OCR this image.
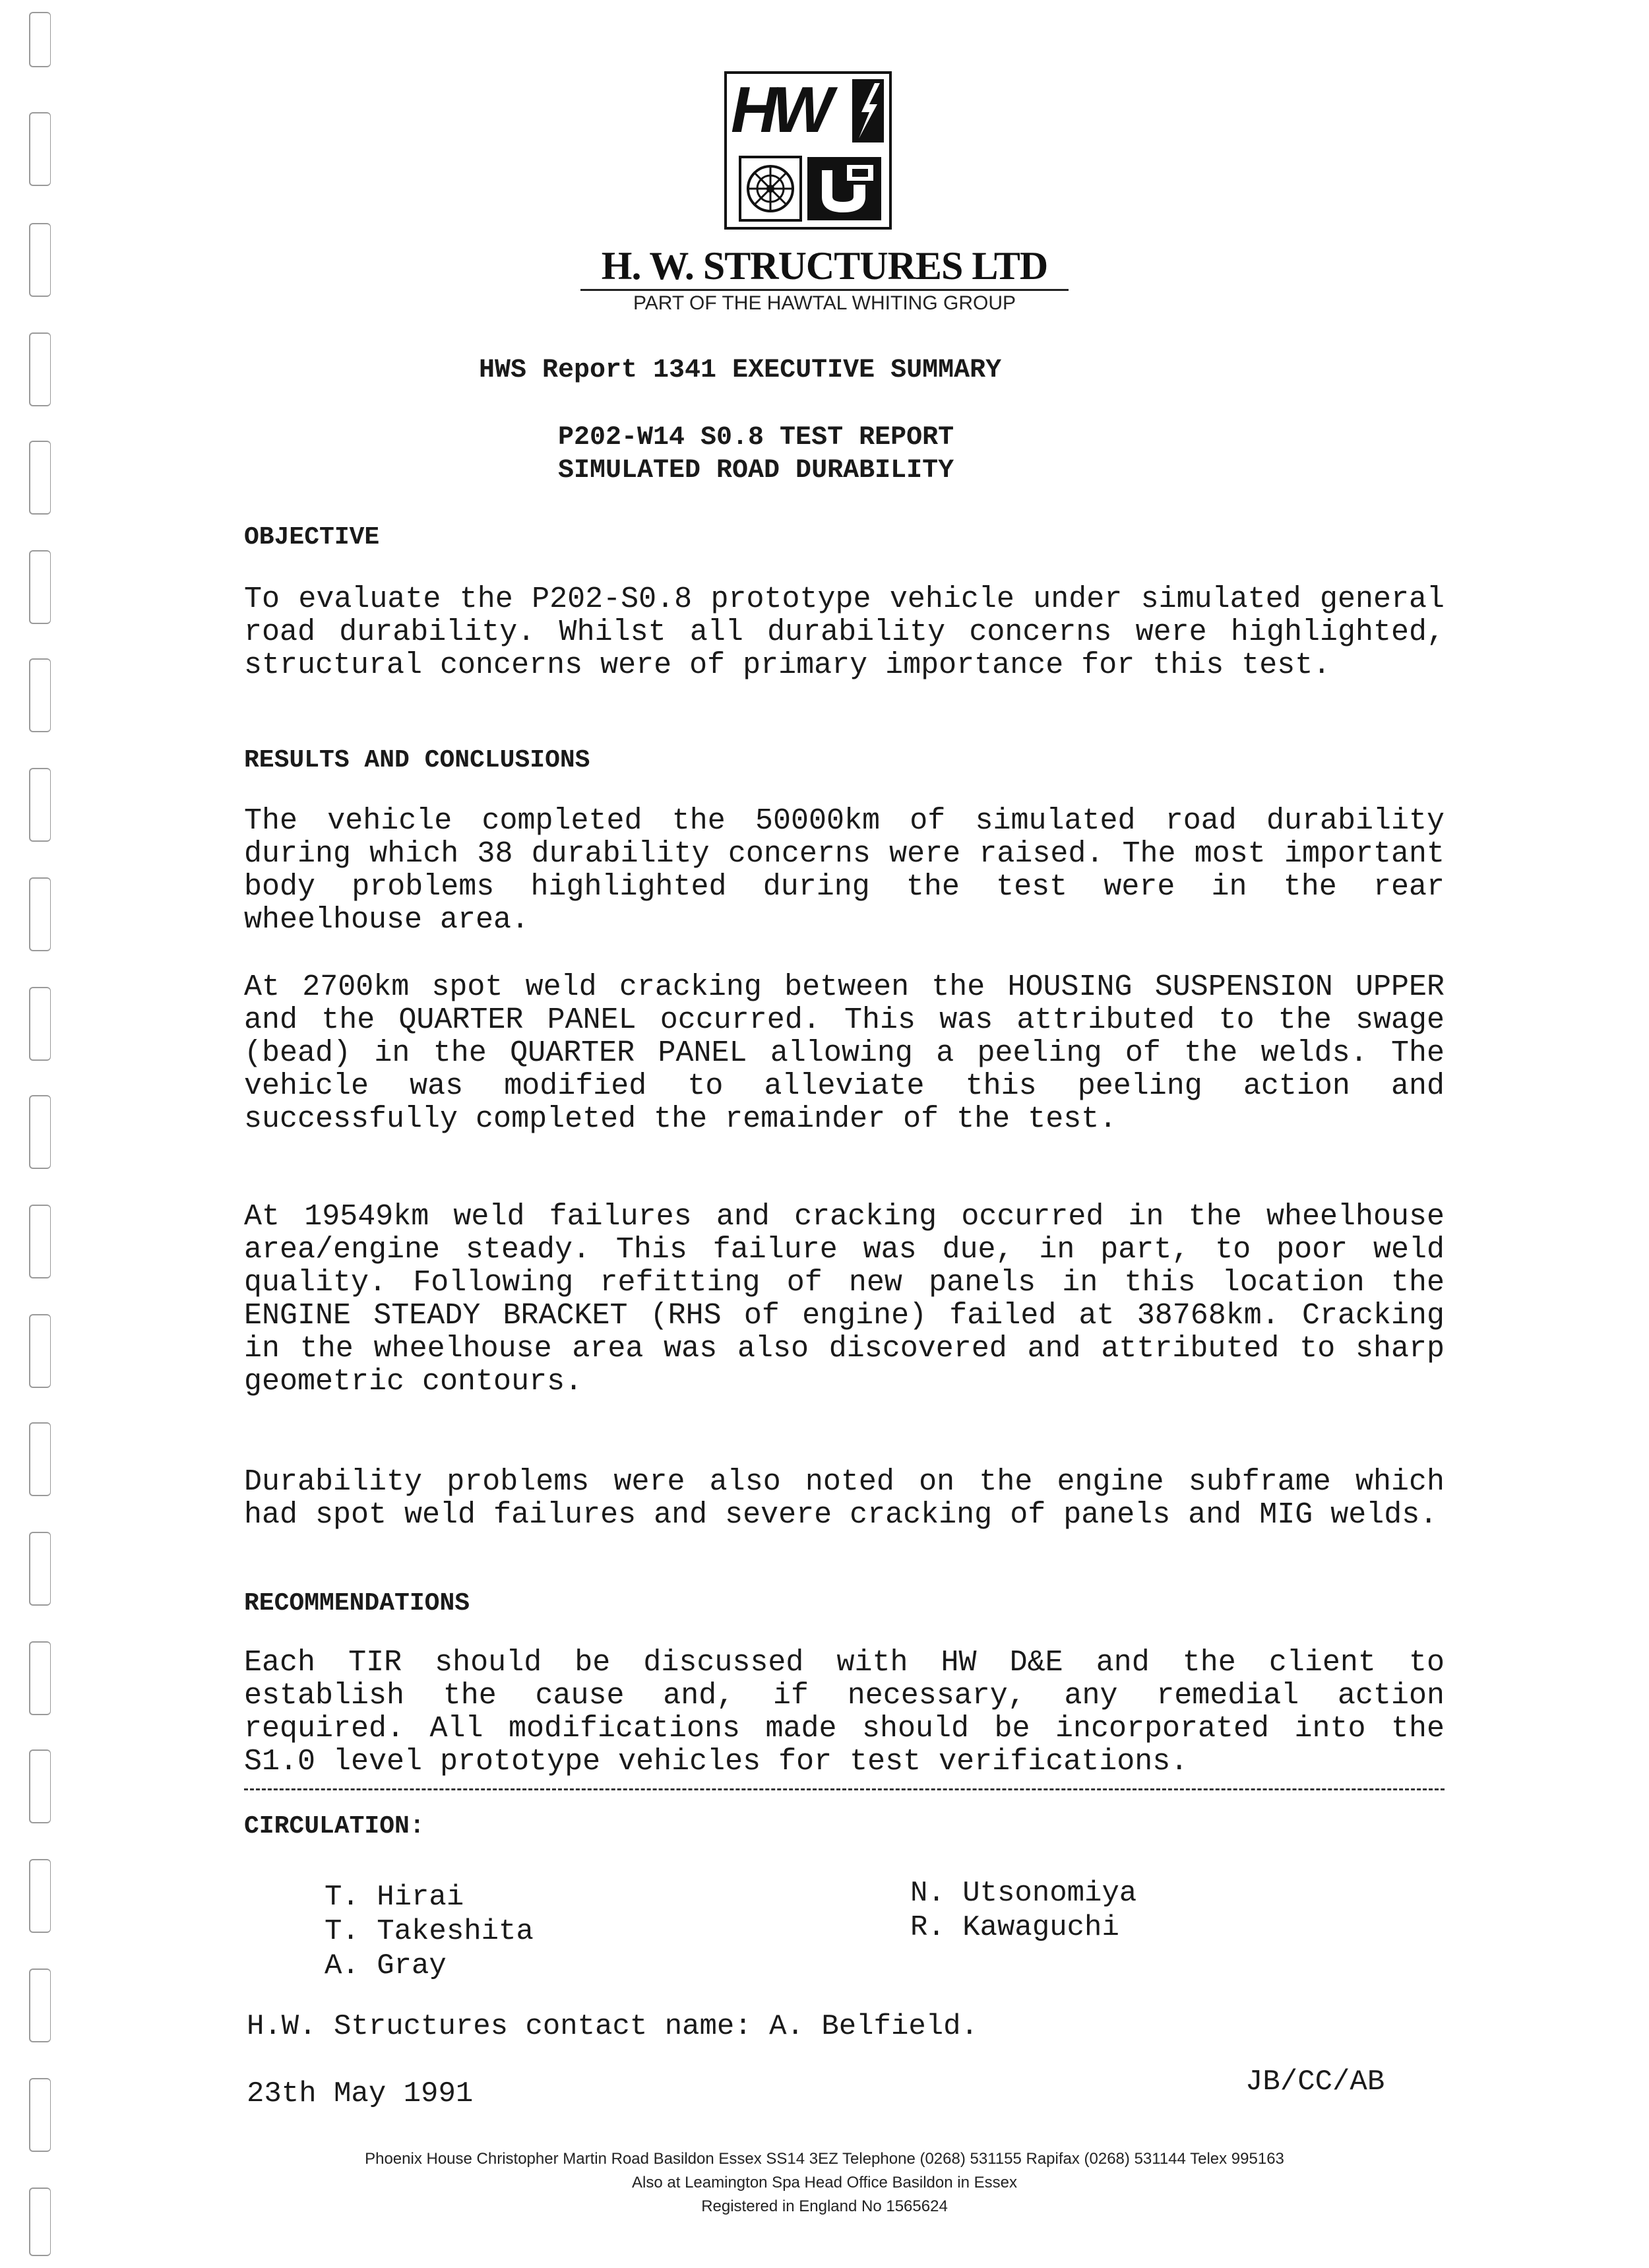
HW
H. W. STRUCTURES LTD
PART OF THE HAWTAL WHITING GROUP
HWS Report 1341 EXECUTIVE SUMMARY
P202-W14 S0.8 TEST REPORT
SIMULATED ROAD DURABILITY
OBJECTIVE
To evaluate the P202-S0.8 prototype vehicle under simulated general road durability. Whilst all durability concerns were highlighted, structural concerns were of primary importance for this test.
RESULTS AND CONCLUSIONS
The vehicle completed the 50000km of simulated road durability during which 38 durability concerns were raised. The most important body problems highlighted during the test were in the rear wheelhouse area.
At 2700km spot weld cracking between the HOUSING SUSPENSION UPPER and the QUARTER PANEL occurred. This was attributed to the swage (bead) in the QUARTER PANEL allowing a peeling of the welds. The vehicle was modified to alleviate this peeling action and successfully completed the remainder of the test.
At 19549km weld failures and cracking occurred in the wheelhouse area/engine steady. This failure was due, in part, to poor weld quality. Following refitting of new panels in this location the ENGINE STEADY BRACKET (RHS of engine) failed at 38768km. Cracking in the wheelhouse area was also discovered and attributed to sharp geometric contours.
Durability problems were also noted on the engine subframe which had spot weld failures and severe cracking of panels and MIG welds.
RECOMMENDATIONS
Each TIR should be discussed with HW D&E and the client to establish the cause and, if necessary, any remedial action required. All modifications made should be incorporated into the S1.0 level prototype vehicles for test verifications.
CIRCULATION:
T. Hirai
T. Takeshita
A. Gray
N. Utsonomiya
R. Kawaguchi
H.W. Structures contact name: A. Belfield.
23th May 1991	JB/CC/AB
Phoenix House Christopher Martin Road Basildon Essex SS14 3EZ Telephone (0268) 531155 Rapifax (0268) 531144 Telex 995163
Also at Leamington Spa Head Office Basildon in Essex
Registered in England No 1565624
